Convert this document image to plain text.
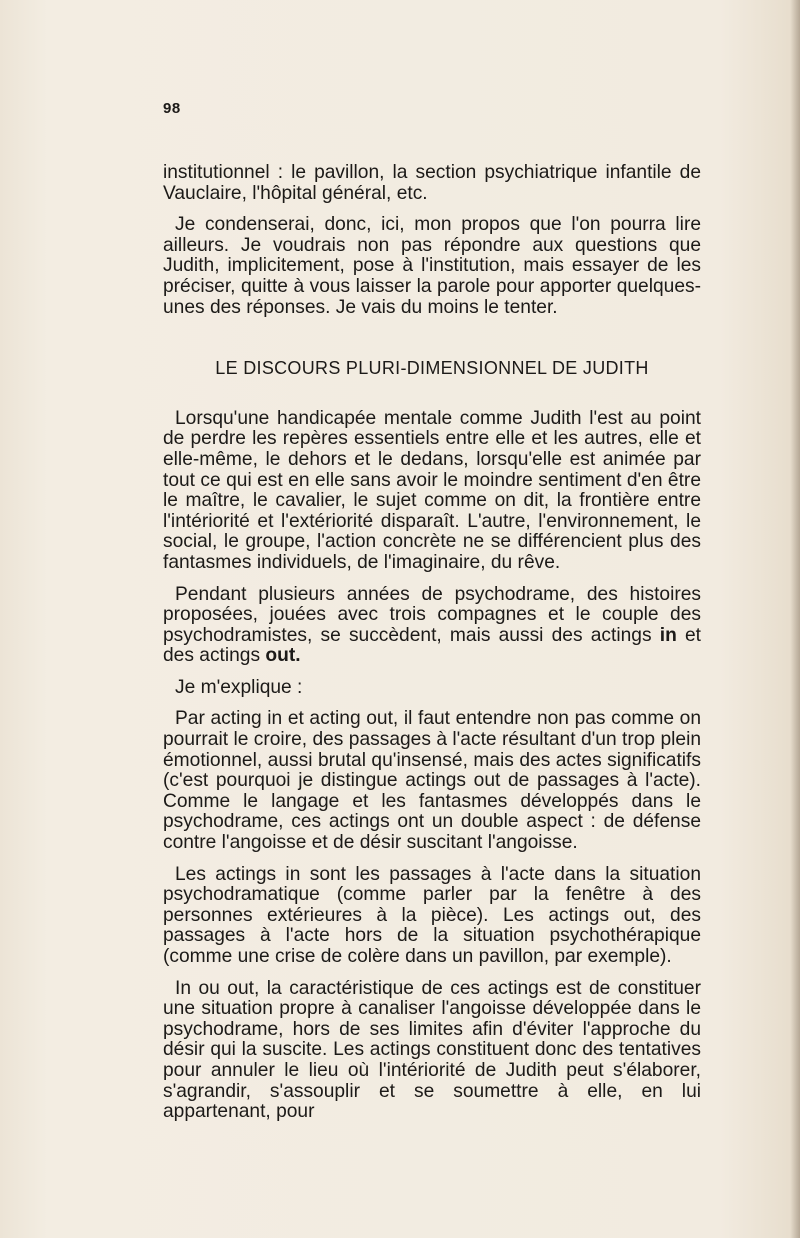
98

institutionnel : le pavillon, la section psychiatrique infantile de Vauclaire, l'hôpital général, etc.

Je condenserai, donc, ici, mon propos que l'on pourra lire ailleurs. Je voudrais non pas répondre aux questions que Judith, implicitement, pose à l'institution, mais essayer de les préciser, quitte à vous laisser la parole pour apporter quelques-unes des réponses. Je vais du moins le tenter.

LE DISCOURS PLURI-DIMENSIONNEL DE JUDITH

Lorsqu'une handicapée mentale comme Judith l'est au point de perdre les repères essentiels entre elle et les autres, elle et elle-même, le dehors et le dedans, lorsqu'elle est animée par tout ce qui est en elle sans avoir le moindre sentiment d'en être le maître, le cavalier, le sujet comme on dit, la frontière entre l'intériorité et l'extériorité disparaît. L'autre, l'environnement, le social, le groupe, l'action concrète ne se différencient plus des fantasmes individuels, de l'imaginaire, du rêve.

Pendant plusieurs années de psychodrame, des histoires proposées, jouées avec trois compagnes et le couple des psychodramistes, se succèdent, mais aussi des actings in et des actings out.

Je m'explique :

Par acting in et acting out, il faut entendre non pas comme on pourrait le croire, des passages à l'acte résultant d'un trop plein émotionnel, aussi brutal qu'insensé, mais des actes significatifs (c'est pourquoi je distingue actings out de passages à l'acte). Comme le langage et les fantasmes développés dans le psychodrame, ces actings ont un double aspect : de défense contre l'angoisse et de désir suscitant l'angoisse.

Les actings in sont les passages à l'acte dans la situation psychodramatique (comme parler par la fenêtre à des personnes extérieures à la pièce). Les actings out, des passages à l'acte hors de la situation psychothérapique (comme une crise de colère dans un pavillon, par exemple).

In ou out, la caractéristique de ces actings est de constituer une situation propre à canaliser l'angoisse développée dans le psychodrame, hors de ses limites afin d'éviter l'approche du désir qui la suscite. Les actings constituent donc des tentatives pour annuler le lieu où l'intériorité de Judith peut s'élaborer, s'agrandir, s'assouplir et se soumettre à elle, en lui appartenant, pour
